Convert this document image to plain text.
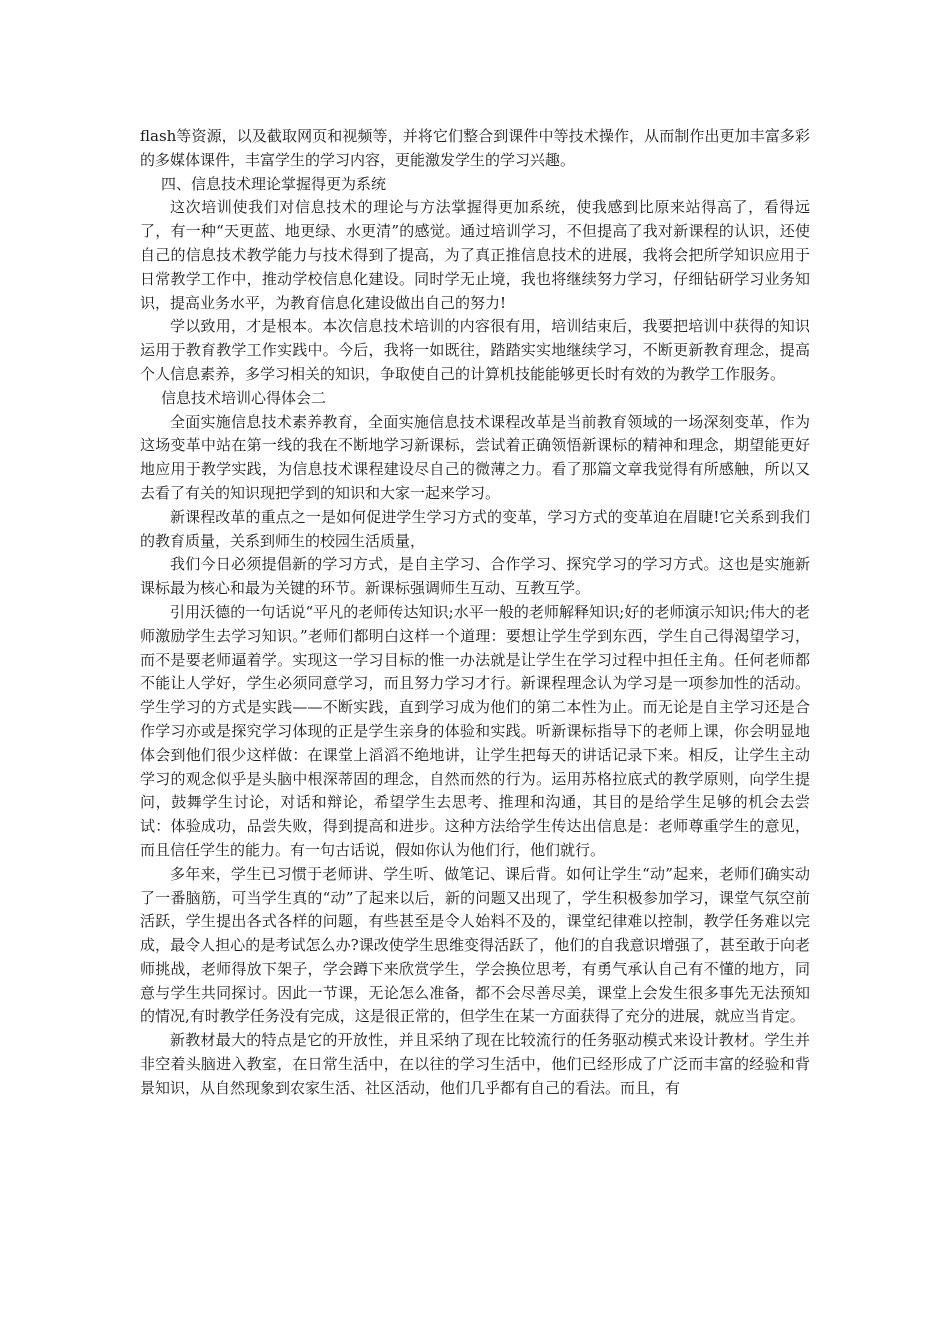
flash等资源，以及截取网页和视频等，并将它们整合到课件中等技术操作，从而制作出更加丰富多彩的多媒体课件，丰富学生的学习内容，更能激发学生的学习兴趣。

四、信息技术理论掌握得更为系统

这次培训使我们对信息技术的理论与方法掌握得更加系统，使我感到比原来站得高了，看得远了，有一种“天更蓝、地更绿、水更清”的感觉。通过培训学习，不但提高了我对新课程的认识，还使自己的信息技术教学能力与技术得到了提高，为了真正推信息技术的进展，我将会把所学知识应用于日常教学工作中，推动学校信息化建设。同时学无止境，我也将继续努力学习，仔细钻研学习业务知识，提高业务水平，为教育信息化建设做出自己的努力!

学以致用，才是根本。本次信息技术培训的内容很有用，培训结束后，我要把培训中获得的知识运用于教育教学工作实践中。今后，我将一如既往，踏踏实实地继续学习，不断更新教育理念，提高个人信息素养，多学习相关的知识，争取使自己的计算机技能能够更长时有效的为教学工作服务。

信息技术培训心得体会二

全面实施信息技术素养教育，全面实施信息技术课程改革是当前教育领域的一场深刻变革，作为这场变革中站在第一线的我在不断地学习新课标，尝试着正确领悟新课标的精神和理念，期望能更好地应用于教学实践，为信息技术课程建设尽自己的微薄之力。看了那篇文章我觉得有所感触，所以又去看了有关的知识现把学到的知识和大家一起来学习。

新课程改革的重点之一是如何促进学生学习方式的变革，学习方式的变革迫在眉睫!它关系到我们的教育质量，关系到师生的校园生活质量，

我们今日必须提倡新的学习方式，是自主学习、合作学习、探究学习的学习方式。这也是实施新课标最为核心和最为关键的环节。新课标强调师生互动、互教互学。

引用沃德的一句话说“平凡的老师传达知识;水平一般的老师解释知识;好的老师演示知识;伟大的老师激励学生去学习知识。”老师们都明白这样一个道理：要想让学生学到东西，学生自己得渴望学习，而不是要老师逼着学。实现这一学习目标的惟一办法就是让学生在学习过程中担任主角。任何老师都不能让人学好，学生必须同意学习，而且努力学习才行。新课程理念认为学习是一项参加性的活动。学生学习的方式是实践——不断实践，直到学习成为他们的第二本性为止。而无论是自主学习还是合作学习亦或是探究学习体现的正是学生亲身的体验和实践。听新课标指导下的老师上课，你会明显地体会到他们很少这样做：在课堂上滔滔不绝地讲，让学生把每天的讲话记录下来。相反，让学生主动学习的观念似乎是头脑中根深蒂固的理念，自然而然的行为。运用苏格拉底式的教学原则，向学生提问，鼓舞学生讨论，对话和辩论，希望学生去思考、推理和沟通，其目的是给学生足够的机会去尝试：体验成功，品尝失败，得到提高和进步。这种方法给学生传达出信息是：老师尊重学生的意见，而且信任学生的能力。有一句古话说，假如你认为他们行，他们就行。

多年来，学生已习惯于老师讲、学生听、做笔记、课后背。如何让学生“动”起来，老师们确实动了一番脑筋，可当学生真的“动”了起来以后，新的问题又出现了，学生积极参加学习，课堂气氛空前活跃，学生提出各式各样的问题，有些甚至是令人始料不及的，课堂纪律难以控制，教学任务难以完成，最令人担心的是考试怎么办?课改使学生思维变得活跃了，他们的自我意识增强了，甚至敢于向老师挑战，老师得放下架子，学会蹲下来欣赏学生，学会换位思考，有勇气承认自己有不懂的地方，同意与学生共同探讨。因此一节课，无论怎么准备，都不会尽善尽美，课堂上会发生很多事先无法预知的情况,有时教学任务没有完成，这是很正常的，但学生在某一方面获得了充分的进展，就应当肯定。

新教材最大的特点是它的开放性，并且采纳了现在比较流行的任务驱动模式来设计教材。学生并非空着头脑进入教室，在日常生活中，在以往的学习生活中，他们已经形成了广泛而丰富的经验和背景知识，从自然现象到农家生活、社区活动，他们几乎都有自己的看法。而且，有
